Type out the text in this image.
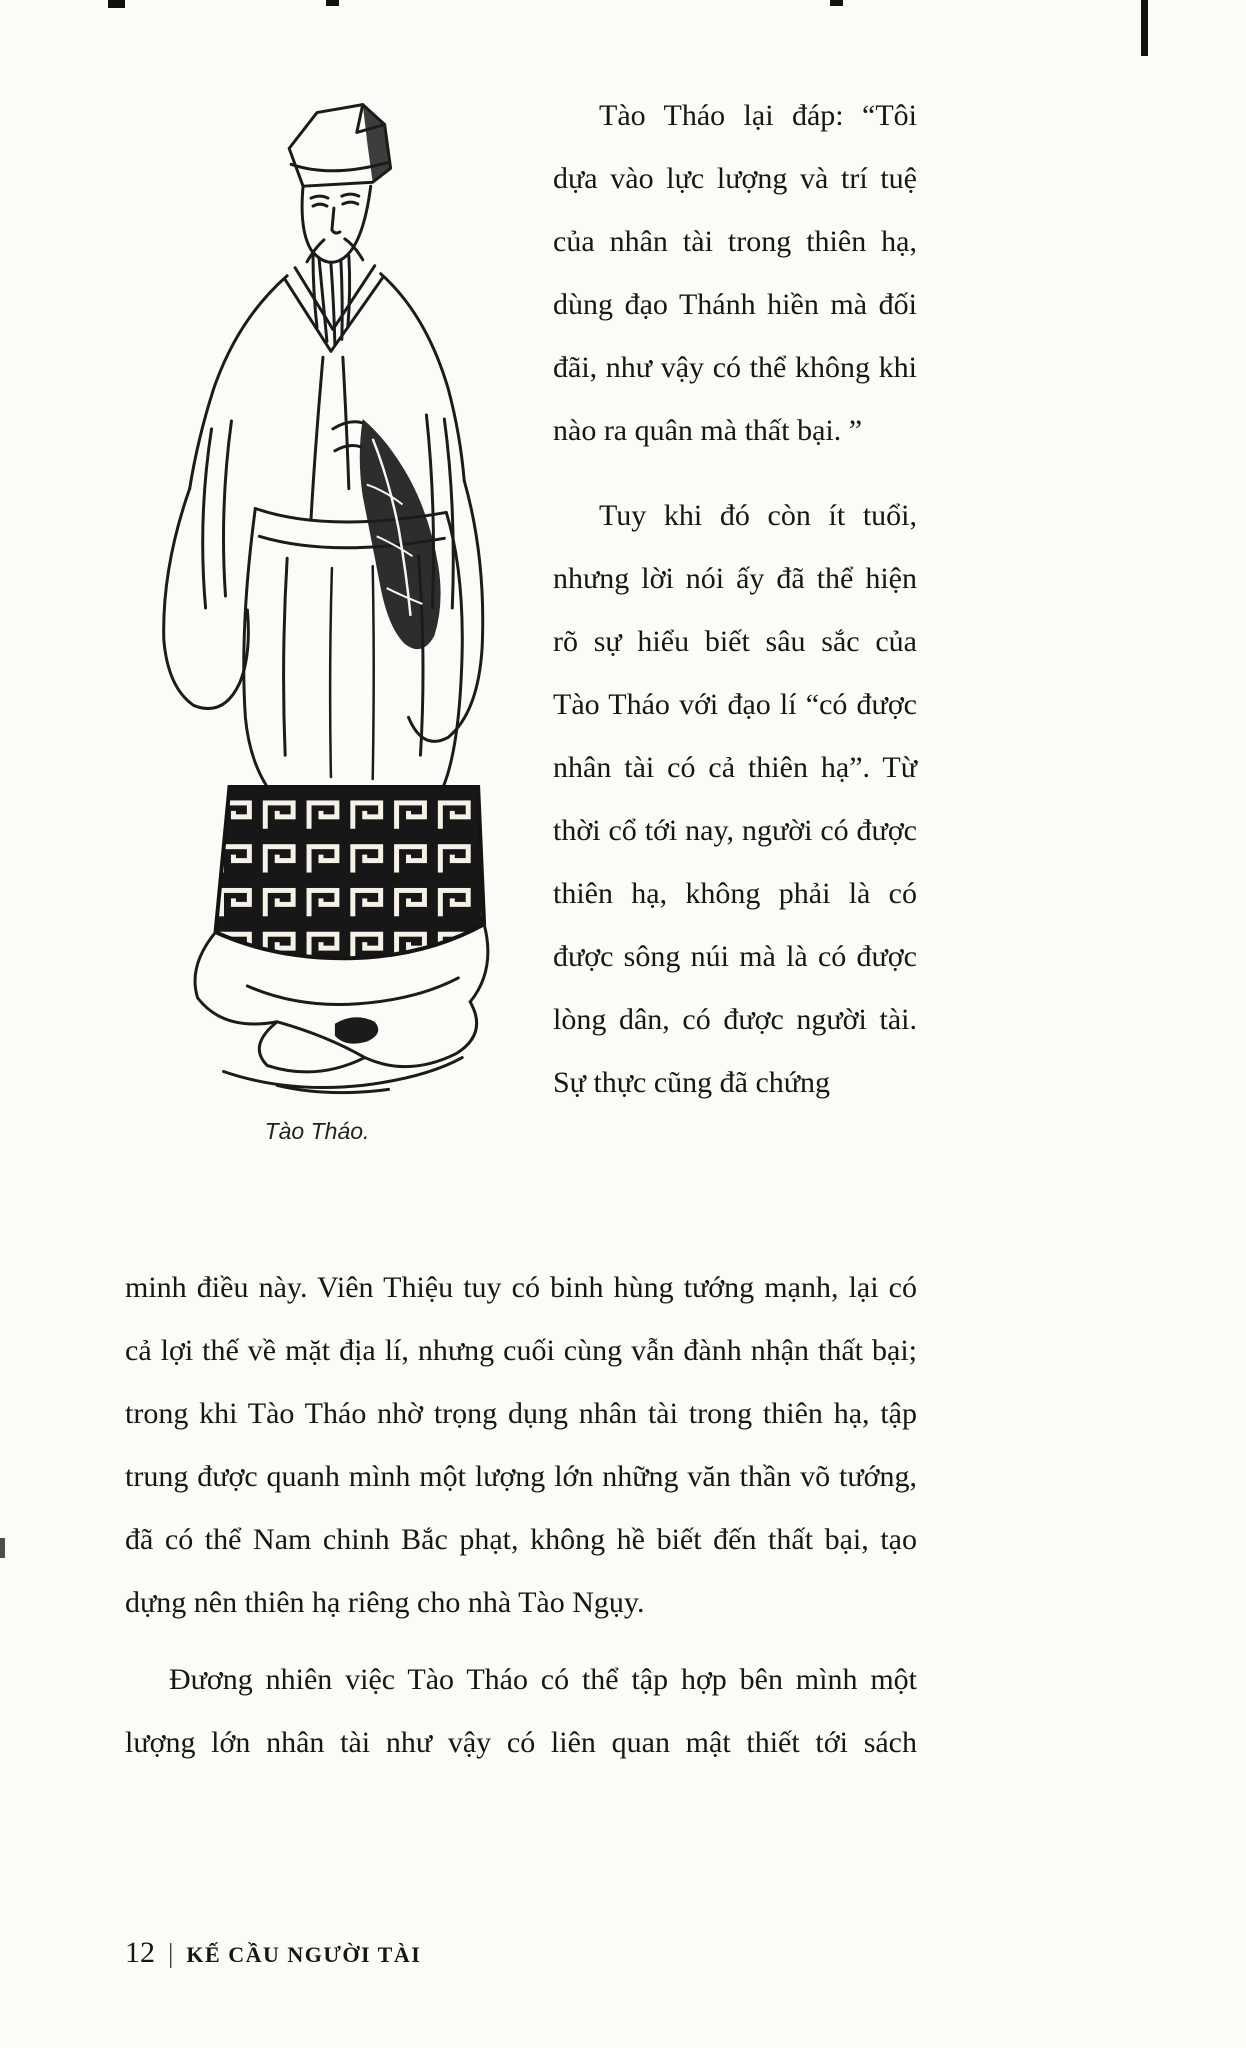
Tào Tháo.

Tào Tháo lại đáp: “Tôi dựa vào lực lượng và trí tuệ của nhân tài trong thiên hạ, dùng đạo Thánh hiền mà đối đãi, như vậy có thể không khi nào ra quân mà thất bại. ”

Tuy khi đó còn ít tuổi, nhưng lời nói ấy đã thể hiện rõ sự hiểu biết sâu sắc của Tào Tháo với đạo lí “có được nhân tài có cả thiên hạ”. Từ thời cổ tới nay, người có được thiên hạ, không phải là có được sông núi mà là có được lòng dân, có được người tài. Sự thực cũng đã chứng

minh điều này. Viên Thiệu tuy có binh hùng tướng mạnh, lại có cả lợi thế về mặt địa lí, nhưng cuối cùng vẫn đành nhận thất bại; trong khi Tào Tháo nhờ trọng dụng nhân tài trong thiên hạ, tập trung được quanh mình một lượng lớn những văn thần võ tướng, đã có thể Nam chinh Bắc phạt, không hề biết đến thất bại, tạo dựng nên thiên hạ riêng cho nhà Tào Ngụy.

Đương nhiên việc Tào Tháo có thể tập hợp bên mình một lượng lớn nhân tài như vậy có liên quan mật thiết tới sách

12 | KẾ CẦU NGƯỜI TÀI
